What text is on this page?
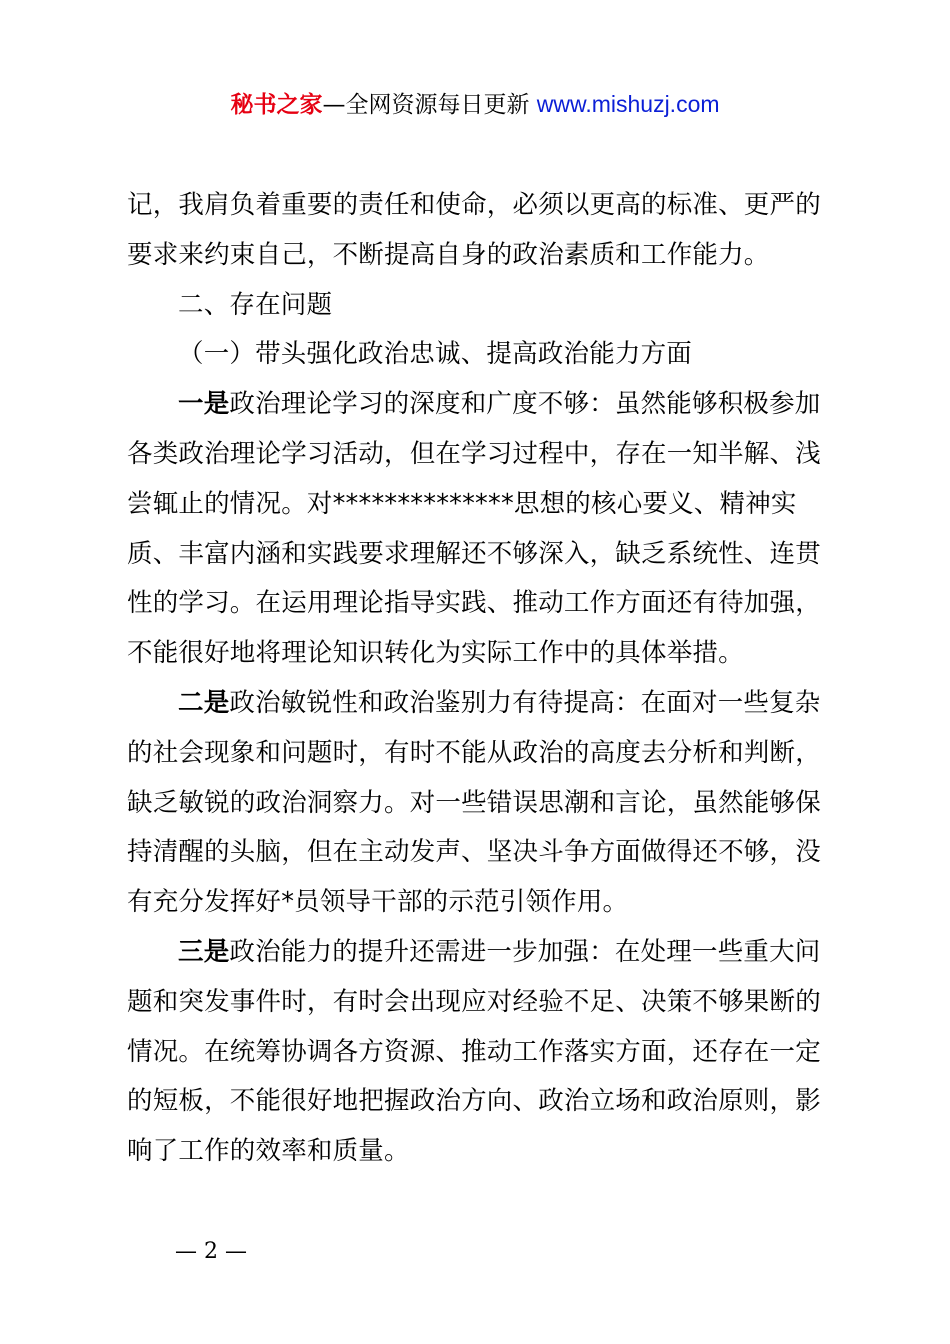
秘书之家—全网资源每日更新 www.mishuzj.com

记，我肩负着重要的责任和使命，必须以更高的标准、更严的要求来约束自己，不断提高自身的政治素质和工作能力。

二、存在问题

（一）带头强化政治忠诚、提高政治能力方面

一是政治理论学习的深度和广度不够：虽然能够积极参加各类政治理论学习活动，但在学习过程中，存在一知半解、浅尝辄止的情况。对**************思想的核心要义、精神实质、丰富内涵和实践要求理解还不够深入，缺乏系统性、连贯性的学习。在运用理论指导实践、推动工作方面还有待加强，不能很好地将理论知识转化为实际工作中的具体举措。

二是政治敏锐性和政治鉴别力有待提高：在面对一些复杂的社会现象和问题时，有时不能从政治的高度去分析和判断，缺乏敏锐的政治洞察力。对一些错误思潮和言论，虽然能够保持清醒的头脑，但在主动发声、坚决斗争方面做得还不够，没有充分发挥好*员领导干部的示范引领作用。

三是政治能力的提升还需进一步加强：在处理一些重大问题和突发事件时，有时会出现应对经验不足、决策不够果断的情况。在统筹协调各方资源、推动工作落实方面，还存在一定的短板，不能很好地把握政治方向、政治立场和政治原则，影响了工作的效率和质量。

— 2 —
